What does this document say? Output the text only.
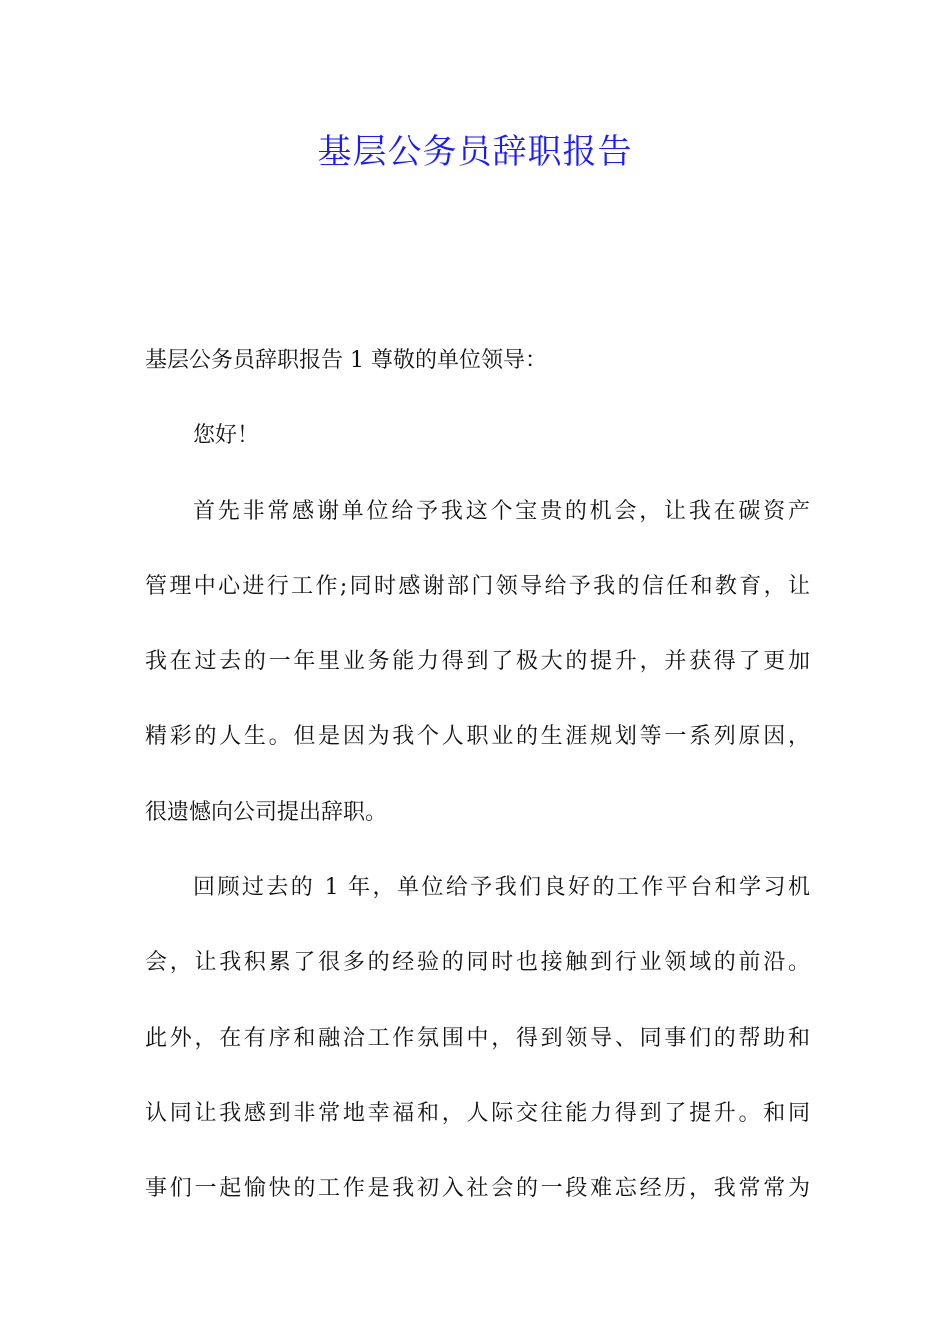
基层公务员辞职报告
基层公务员辞职报告 1 尊敬的单位领导：
您好！
首先非常感谢单位给予我这个宝贵的机会，让我在碳资产
管理中心进行工作;同时感谢部门领导给予我的信任和教育，让
我在过去的一年里业务能力得到了极大的提升，并获得了更加
精彩的人生。但是因为我个人职业的生涯规划等一系列原因，
很遗憾向公司提出辞职。
回顾过去的 1 年，单位给予我们良好的工作平台和学习机
会，让我积累了很多的经验的同时也接触到行业领域的前沿。
此外，在有序和融洽工作氛围中，得到领导、同事们的帮助和
认同让我感到非常地幸福和，人际交往能力得到了提升。和同
事们一起愉快的工作是我初入社会的一段难忘经历，我常常为
